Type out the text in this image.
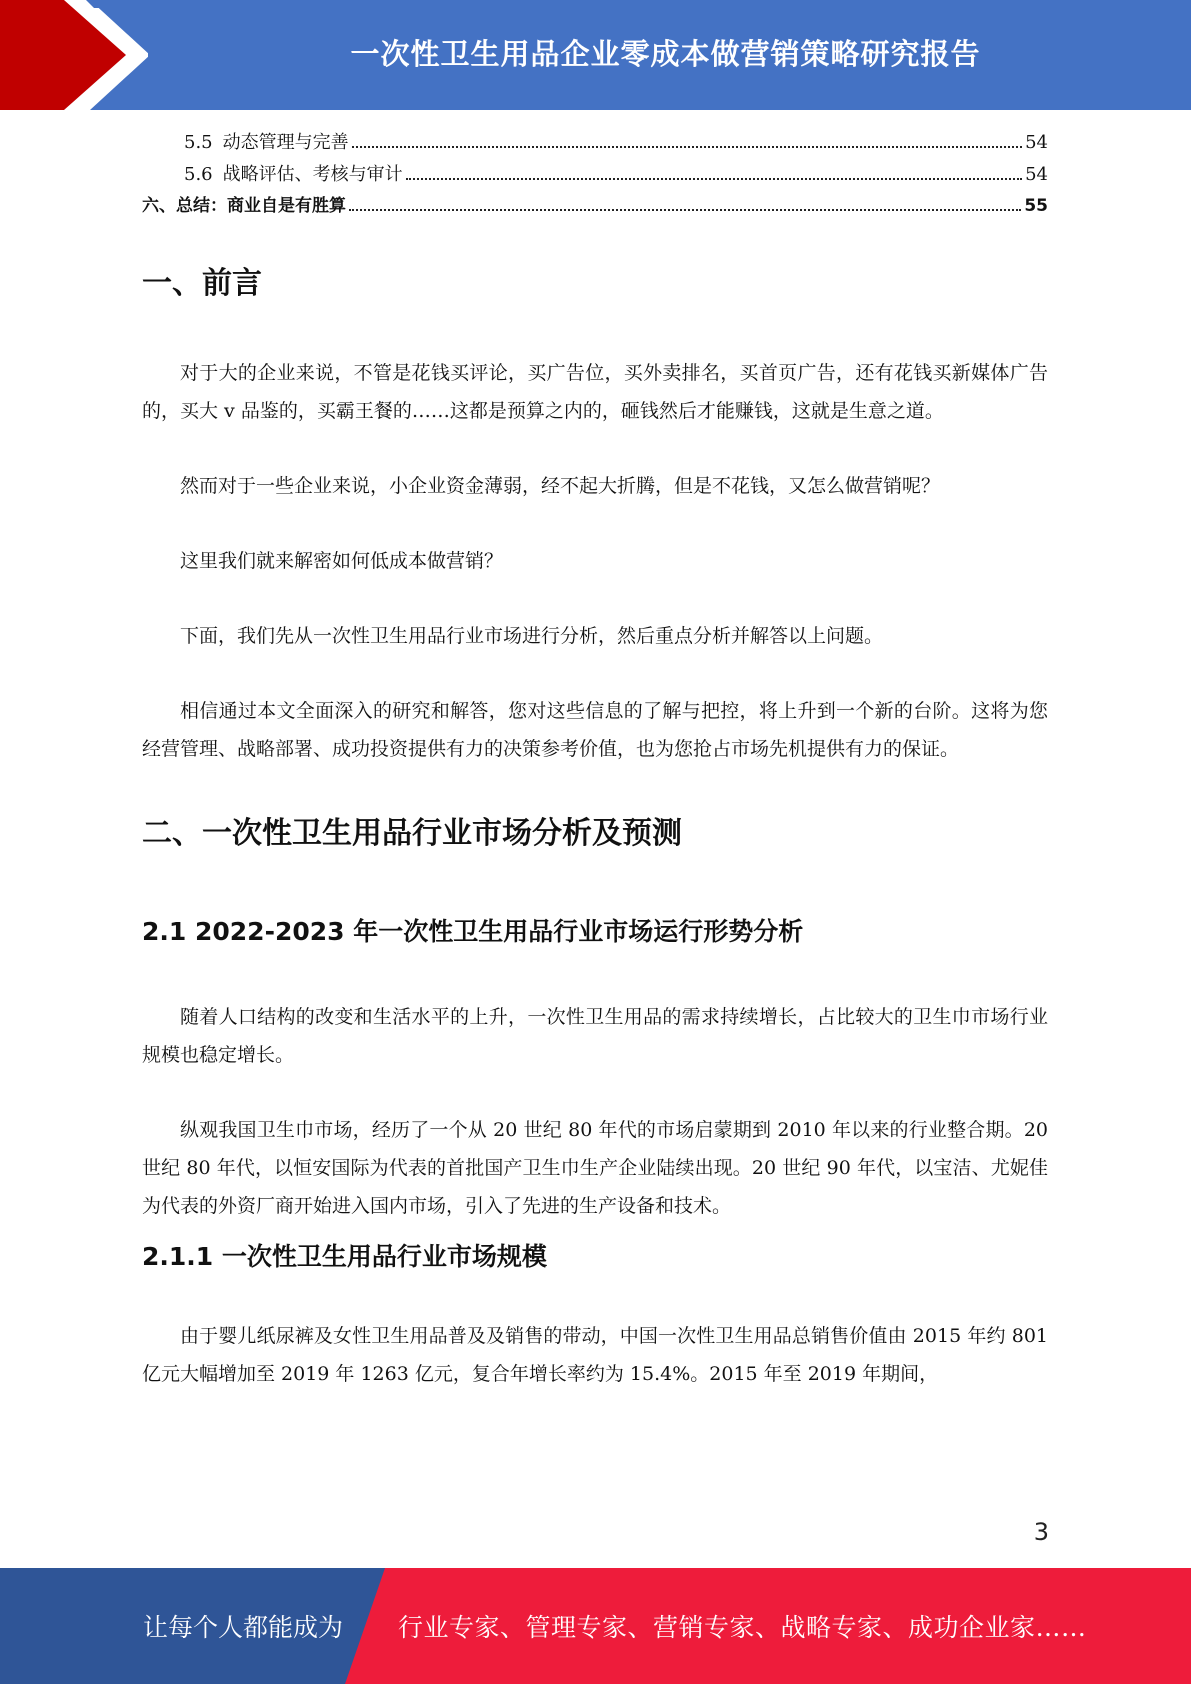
一次性卫生用品企业零成本做营销策略研究报告
5.5 动态管理与完善	54
5.6 战略评估、考核与审计	54
六、总结：商业自是有胜算	55
一、前言

对于大的企业来说，不管是花钱买评论，买广告位，买外卖排名，买首页广告，还有花钱买新媒体广告的，买大 v 品鉴的，买霸王餐的……这都是预算之内的，砸钱然后才能赚钱，这就是生意之道。

然而对于一些企业来说，小企业资金薄弱，经不起大折腾，但是不花钱，又怎么做营销呢？

这里我们就来解密如何低成本做营销？

下面，我们先从一次性卫生用品行业市场进行分析，然后重点分析并解答以上问题。

相信通过本文全面深入的研究和解答，您对这些信息的了解与把控，将上升到一个新的台阶。这将为您经营管理、战略部署、成功投资提供有力的决策参考价值，也为您抢占市场先机提供有力的保证。

二、一次性卫生用品行业市场分析及预测
2.1 2022-2023 年一次性卫生用品行业市场运行形势分析

随着人口结构的改变和生活水平的上升，一次性卫生用品的需求持续增长，占比较大的卫生巾市场行业规模也稳定增长。

纵观我国卫生巾市场，经历了一个从 20 世纪 80 年代的市场启蒙期到 2010 年以来的行业整合期。20 世纪 80 年代，以恒安国际为代表的首批国产卫生巾生产企业陆续出现。20 世纪 90 年代，以宝洁、尤妮佳为代表的外资厂商开始进入国内市场，引入了先进的生产设备和技术。

2.1.1 一次性卫生用品行业市场规模

由于婴儿纸尿裤及女性卫生用品普及及销售的带动，中国一次性卫生用品总销售价值由 2015 年约 801 亿元大幅增加至 2019 年 1263 亿元，复合年增长率约为 15.4%。2015 年至 2019 年期间，

3
让每个人都能成为 行业专家、管理专家、营销专家、战略专家、成功企业家……
